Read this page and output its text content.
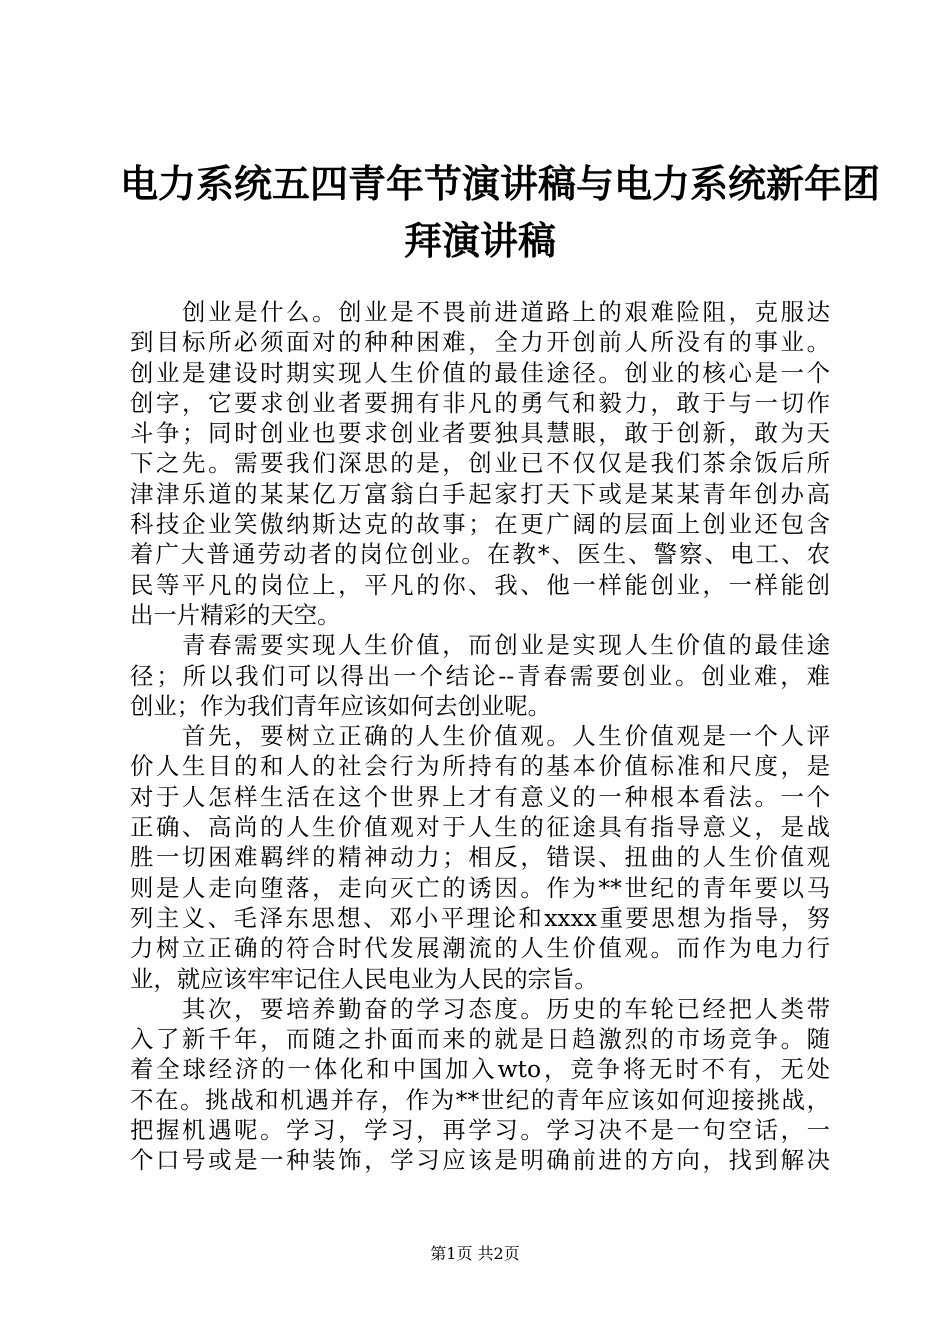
电力系统五四青年节演讲稿与电力系统新年团
拜演讲稿
　　创业是什么。创业是不畏前进道路上的艰难险阻，克服达
到目标所必须面对的种种困难，全力开创前人所没有的事业。
创业是建设时期实现人生价值的最佳途径。创业的核心是一个
创字，它要求创业者要拥有非凡的勇气和毅力，敢于与一切作
斗争；同时创业也要求创业者要独具慧眼，敢于创新，敢为天
下之先。需要我们深思的是，创业已不仅仅是我们茶余饭后所
津津乐道的某某亿万富翁白手起家打天下或是某某青年创办高
科技企业笑傲纳斯达克的故事；在更广阔的层面上创业还包含
着广大普通劳动者的岗位创业。在教*、医生、警察、电工、农
民等平凡的岗位上，平凡的你、我、他一样能创业，一样能创
出一片精彩的天空。
　　青春需要实现人生价值，而创业是实现人生价值的最佳途
径；所以我们可以得出一个结论--青春需要创业。创业难，难
创业；作为我们青年应该如何去创业呢。
　　首先，要树立正确的人生价值观。人生价值观是一个人评
价人生目的和人的社会行为所持有的基本价值标准和尺度，是
对于人怎样生活在这个世界上才有意义的一种根本看法。一个
正确、高尚的人生价值观对于人生的征途具有指导意义，是战
胜一切困难羁绊的精神动力；相反，错误、扭曲的人生价值观
则是人走向堕落，走向灭亡的诱因。作为**世纪的青年要以马
列主义、毛泽东思想、邓小平理论和xxxx重要思想为指导，努
力树立正确的符合时代发展潮流的人生价值观。而作为电力行
业，就应该牢牢记住人民电业为人民的宗旨。
　　其次，要培养勤奋的学习态度。历史的车轮已经把人类带
入了新千年，而随之扑面而来的就是日趋激烈的市场竞争。随
着全球经济的一体化和中国加入wto，竞争将无时不有，无处
不在。挑战和机遇并存，作为**世纪的青年应该如何迎接挑战，
把握机遇呢。学习，学习，再学习。学习决不是一句空话，一
个口号或是一种装饰，学习应该是明确前进的方向，找到解决
第1页 共2页
